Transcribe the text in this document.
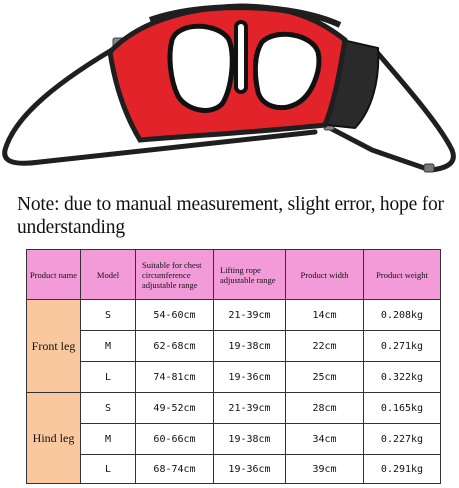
Note: due to manual measurement, slight error, hope for understanding
Product name	Model	Suitable for chest circumference adjustable range	Lifting rope adjustable range	Product width	Product weight
Front leg	S	54-60cm	21-39cm	14cm	0.208kg
	M	62-68cm	19-38cm	22cm	0.271kg
	L	74-81cm	19-36cm	25cm	0.322kg
Hind leg	S	49-52cm	21-39cm	28cm	0.165kg
	M	60-66cm	19-38cm	34cm	0.227kg
	L	68-74cm	19-36cm	39cm	0.291kg
